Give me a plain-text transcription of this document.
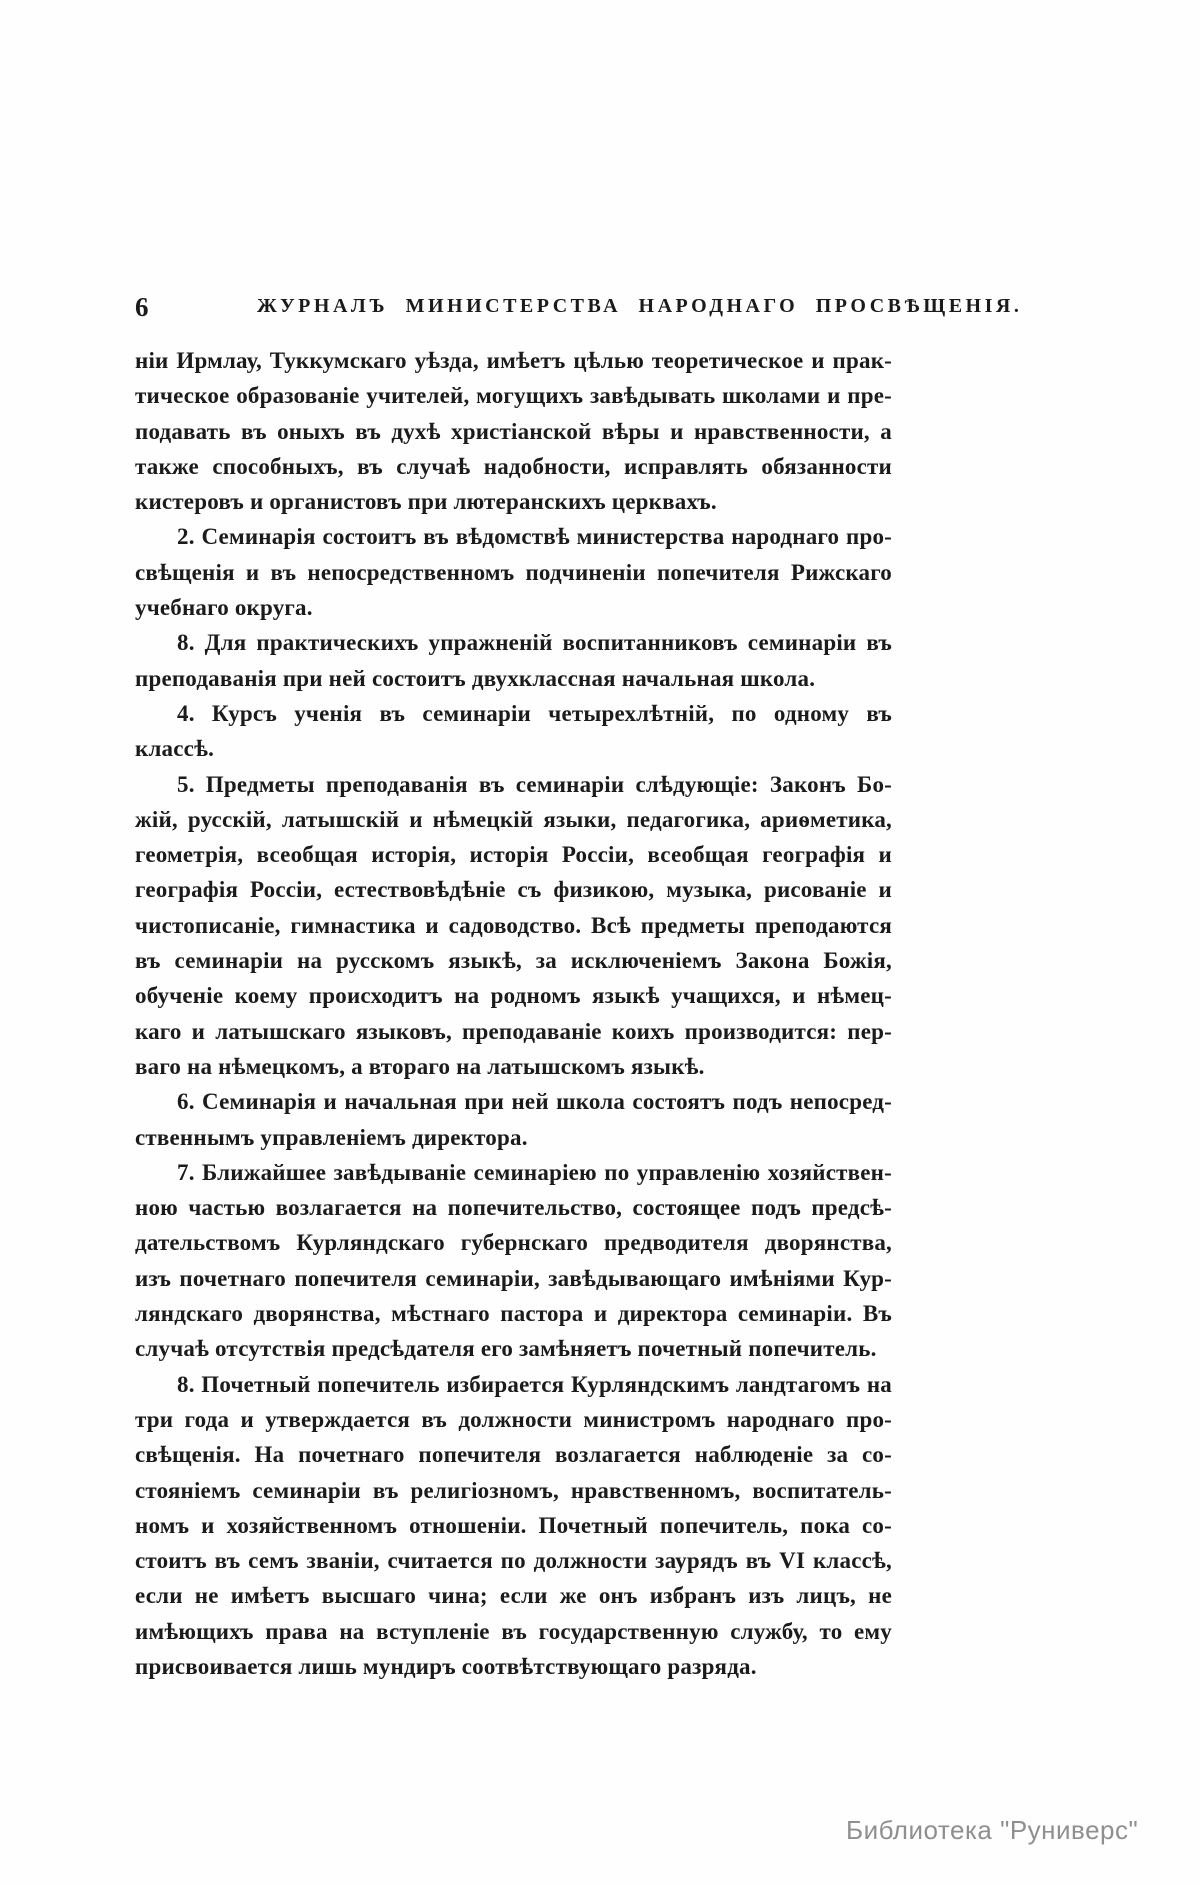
6	ЖУРНАЛЪ МИНИСТЕРСТВА НАРОДНАГО ПРОСВѢЩЕНІЯ.
ніи Ирмлау, Туккумскаго уѣзда, имѣетъ цѣлью теоретическое и прак-
тическое образованіе учителей, могущихъ завѣдывать школами и пре-
подавать въ оныхъ въ духѣ христіанской вѣры и нравственности, а
также способныхъ, въ случаѣ надобности, исправлять обязанности
кистеровъ и органистовъ при лютеранскихъ церквахъ.
2. Семинарія состоитъ въ вѣдомствѣ министерства народнаго про-
свѣщенія и въ непосредственномъ подчиненіи попечителя Рижскаго
учебнаго округа.
8. Для практическихъ упражненій воспитанниковъ семинаріи въ
преподаванія при ней состоитъ двухклассная начальная школа.
4. Курсъ ученія въ семинаріи четырехлѣтній, по одному въ
классѣ.
5. Предметы преподаванія въ семинаріи слѣдующіе: Законъ Бо-
жій, русскій, латышскій и нѣмецкій языки, педагогика, ариѳметика,
геометрія, всеобщая исторія, исторія Россіи, всеобщая географія и
географія Россіи, естествовѣдѣніе съ физикою, музыка, рисованіе и
чистописаніе, гимнастика и садоводство. Всѣ предметы преподаются
въ семинаріи на русскомъ языкѣ, за исключеніемъ Закона Божія,
обученіе коему происходитъ на родномъ языкѣ учащихся, и нѣмец-
каго и латышскаго языковъ, преподаваніе коихъ производится: пер-
ваго на нѣмецкомъ, а втораго на латышскомъ языкѣ.
6. Семинарія и начальная при ней школа состоятъ подъ непосред-
ственнымъ управленіемъ директора.
7. Ближайшее завѣдываніе семинаріею по управленію хозяйствен-
ною частью возлагается на попечительство, состоящее подъ предсѣ-
дательствомъ Курляндскаго губернскаго предводителя дворянства,
изъ почетнаго попечителя семинаріи, завѣдывающаго имѣніями Кур-
ляндскаго дворянства, мѣстнаго пастора и директора семинаріи. Въ
случаѣ отсутствія предсѣдателя его замѣняетъ почетный попечитель.
8. Почетный попечитель избирается Курляндскимъ ландтагомъ на
три года и утверждается въ должности министромъ народнаго про-
свѣщенія. На почетнаго попечителя возлагается наблюденіе за со-
стояніемъ семинаріи въ религіозномъ, нравственномъ, воспитатель-
номъ и хозяйственномъ отношеніи. Почетный попечитель, пока со-
стоитъ въ семъ званіи, считается по должности заурядъ въ VI классѣ,
если не имѣетъ высшаго чина; если же онъ избранъ изъ лицъ, не
имѣющихъ права на вступленіе въ государственную службу, то ему
присвоивается лишь мундиръ соотвѣтствующаго разряда.
Библиотека "Руниверс"
